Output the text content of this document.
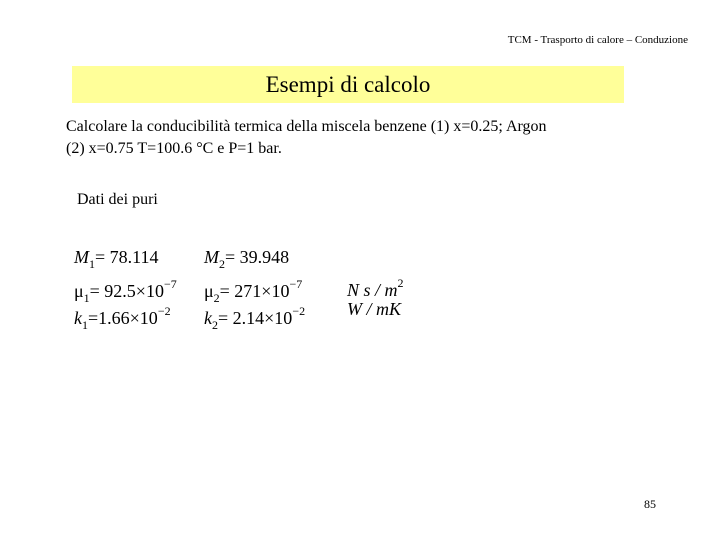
TCM - Trasporto di calore – Conduzione
Esempi di calcolo
Calcolare la conducibilità termica della miscela benzene (1) x=0.25; Argon
(2) x=0.75 T=100.6 °C e P=1 bar.
Dati dei puri
$M_1= 78.114$
$\mu_1= 92.5\times 10^{-7}$
$k_1=1.66\times 10^{-2}$
$M_2= 39.948$
$\mu_2= 271\times 10^{-7}$
$k_2= 2.14\times 10^{-2}$
N s / $m^2$
W / mK
85
